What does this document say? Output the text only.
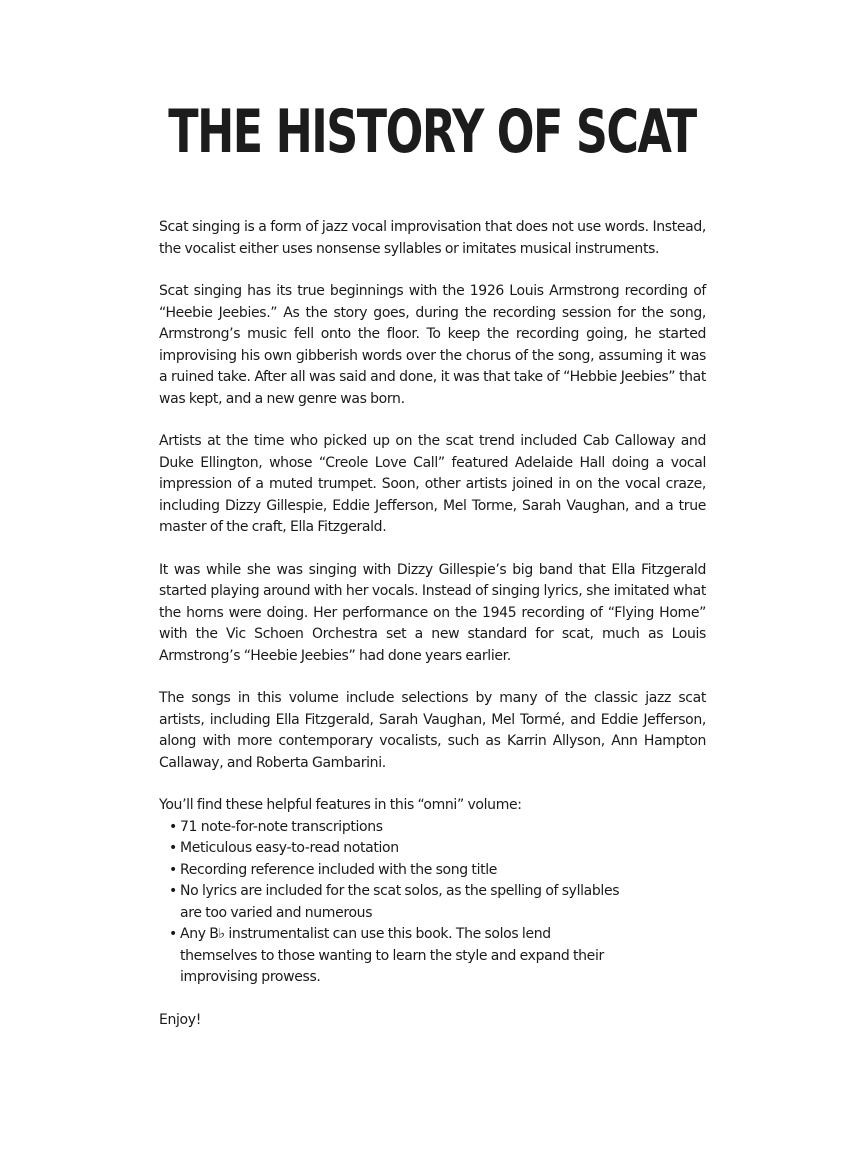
THE HISTORY OF SCAT

Scat singing is a form of jazz vocal improvisation that does not use words. Instead, the vocalist either uses nonsense syllables or imitates musical instruments.

Scat singing has its true beginnings with the 1926 Louis Armstrong recording of “Heebie Jeebies.” As the story goes, during the recording session for the song, Armstrong’s music fell onto the floor. To keep the recording going, he started improvising his own gibberish words over the chorus of the song, assuming it was a ruined take. After all was said and done, it was that take of “Hebbie Jeebies” that was kept, and a new genre was born.

Artists at the time who picked up on the scat trend included Cab Calloway and Duke Ellington, whose “Creole Love Call” featured Adelaide Hall doing a vocal impression of a muted trumpet. Soon, other artists joined in on the vocal craze, including Dizzy Gillespie, Eddie Jefferson, Mel Torme, Sarah Vaughan, and a true master of the craft, Ella Fitzgerald.

It was while she was singing with Dizzy Gillespie’s big band that Ella Fitzgerald started playing around with her vocals. Instead of singing lyrics, she imitated what the horns were doing. Her performance on the 1945 recording of “Flying Home” with the Vic Schoen Orchestra set a new standard for scat, much as Louis Armstrong’s “Heebie Jeebies” had done years earlier.

The songs in this volume include selections by many of the classic jazz scat artists, including Ella Fitzgerald, Sarah Vaughan, Mel Tormé, and Eddie Jefferson, along with more contemporary vocalists, such as Karrin Allyson, Ann Hampton Callaway, and Roberta Gambarini.

You’ll find these helpful features in this “omni” volume:

• 71 note-for-note transcriptions
• Meticulous easy-to-read notation
• Recording reference included with the song title
• No lyrics are included for the scat solos, as the spelling of syllables are too varied and numerous
• Any B♭ instrumentalist can use this book. The solos lend themselves to those wanting to learn the style and expand their improvising prowess.

Enjoy!
